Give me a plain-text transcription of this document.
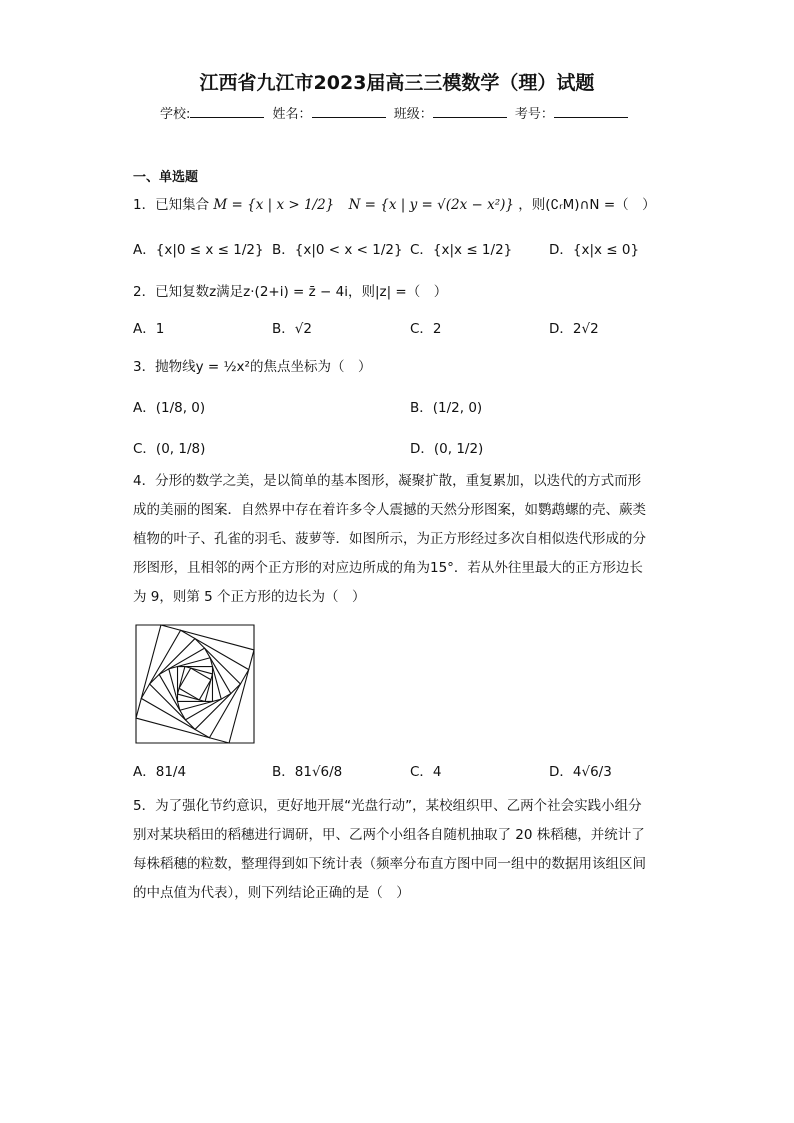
江西省九江市2023届高三三模数学（理）试题
学校:	姓名：	班级：	考号：
一、单选题
1．已知集合 M = {x | x > 1/2} N = {x | y = √(2x − x²)} ，则(∁ᵣM)∩N =（　）
A．{x|0 ≤ x ≤ 1/2} B．{x|0 < x < 1/2} C．{x|x ≤ 1/2}	D．{x|x ≤ 0}
2．已知复数z满足z·(2+i) = z̄ − 4i，则|z| =（　）
A．1	B．√2	C．2	D．2√2
3．抛物线y = ½x²的焦点坐标为（　）
A．(1/8, 0)	B．(1/2, 0)
C．(0, 1/8)	D．(0, 1/2)
4．分形的数学之美，是以简单的基本图形，凝聚扩散，重复累加，以迭代的方式而形
成的美丽的图案．自然界中存在着许多令人震撼的天然分形图案，如鹦鹉螺的壳、蕨类
植物的叶子、孔雀的羽毛、菠萝等．如图所示，为正方形经过多次自相似迭代形成的分
形图形，且相邻的两个正方形的对应边所成的角为15°．若从外往里最大的正方形边长
为 9，则第 5 个正方形的边长为（　）
A．81/4	B．81√6/8	C．4	D．4√6/3
5．为了强化节约意识，更好地开展“光盘行动”，某校组织甲、乙两个社会实践小组分
别对某块稻田的稻穗进行调研，甲、乙两个小组各自随机抽取了 20 株稻穗，并统计了
每株稻穗的粒数，整理得到如下统计表（频率分布直方图中同一组中的数据用该组区间
的中点值为代表），则下列结论正确的是（　）
